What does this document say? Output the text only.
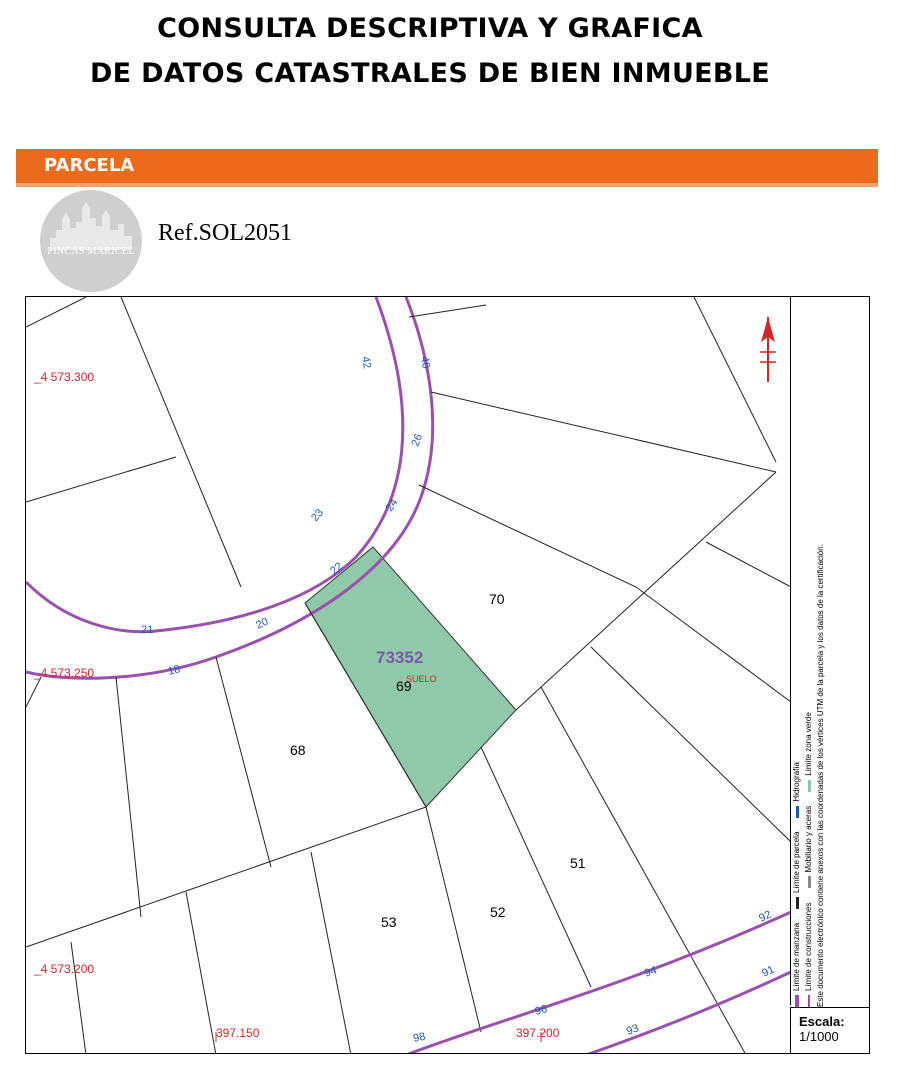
CONSULTA DESCRIPTIVA Y GRAFICA
DE DATOS CATASTRALES DE BIEN INMUEBLE
PARCELA
FINCAS MARICEL
Ref.SOL2051
_4 573.300
_4 573.250
_4 573.200
397.150	397.200
73352
SUELO
70
69
68
51
52
53
42	40
26
24
22
20
18
21
23
92
94
96
98
91
93
Límite de manzana
Límite de parcela
Hidrografía
Límite de construcciones
Mobiliario y aceras
Límite zona verde Este documento electrónico contiene anexos con las coordenadas de los vértices UTM de la parcela y los datos de la certificación.
Escala:
1/1000
